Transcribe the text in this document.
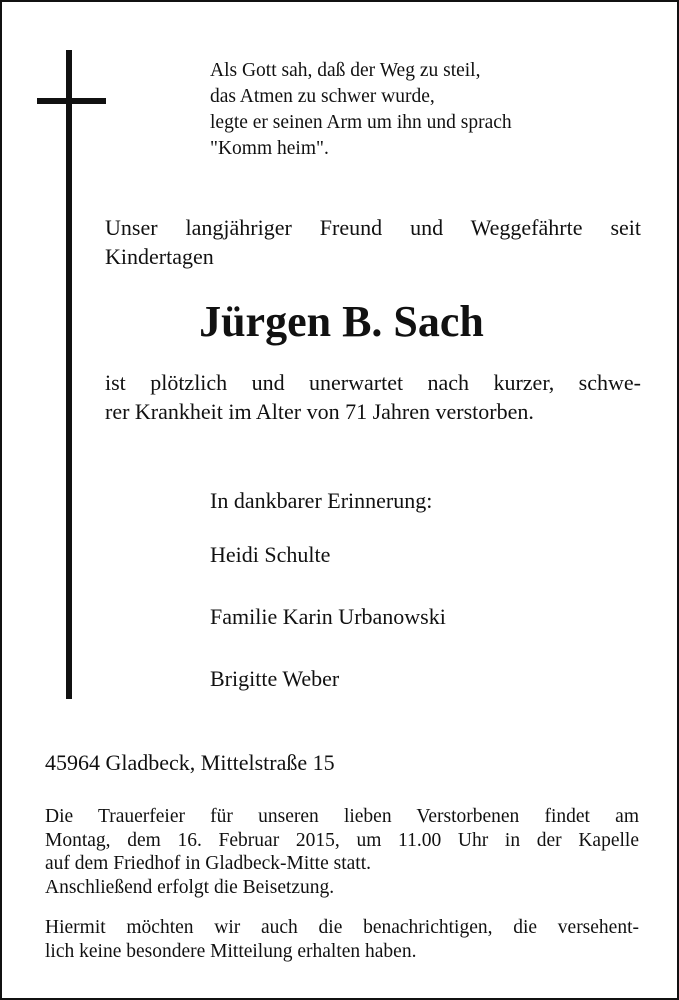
Als Gott sah, daß der Weg zu steil,
das Atmen zu schwer wurde,
legte er seinen Arm um ihn und sprach
"Komm heim".
Unser langjähriger Freund und Weggefährte seit
Kindertagen
Jürgen B. Sach
ist plötzlich und unerwartet nach kurzer, schwe-
rer Krankheit im Alter von 71 Jahren verstorben.
In dankbarer Erinnerung:
Heidi Schulte
Familie Karin Urbanowski
Brigitte Weber
45964 Gladbeck, Mittelstraße 15
Die Trauerfeier für unseren lieben Verstorbenen findet am
Montag, dem 16. Februar 2015, um 11.00 Uhr in der Kapelle
auf dem Friedhof in Gladbeck-Mitte statt.
Anschließend erfolgt die Beisetzung.
Hiermit möchten wir auch die benachrichtigen, die versehent-
lich keine besondere Mitteilung erhalten haben.
